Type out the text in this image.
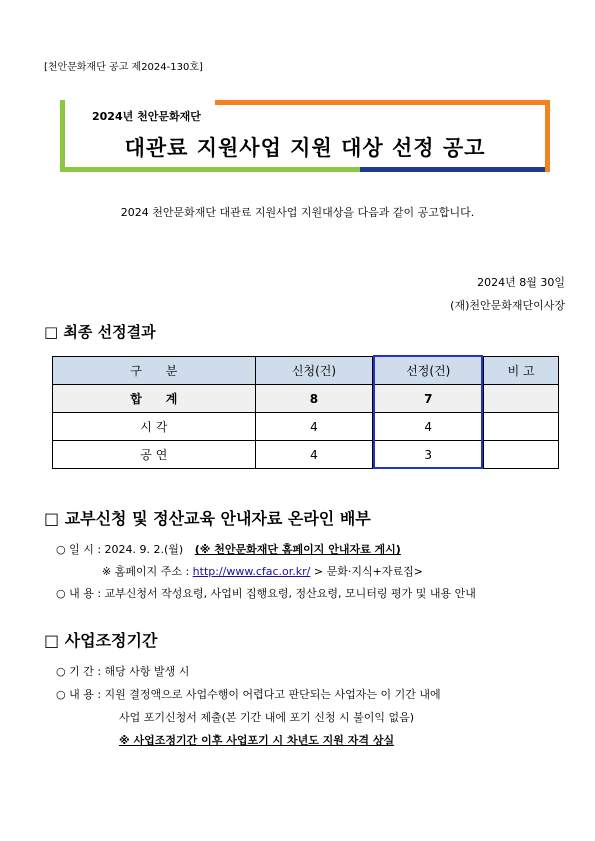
[천안문화재단 공고 제2024-130호]
2024년 천안문화재단
대관료 지원사업 지원 대상 선정 공고
2024 천안문화재단 대관료 지원사업 지원대상을 다음과 같이 공고합니다.
2024년 8월 30일
(재)천안문화재단이사장
□ 최종 선정결과
구　　분	신청(건)	선정(건)	비 고
합　　계	8	7	
시 각	4	4	
공 연	4	3	
□ 교부신청 및 정산교육 안내자료 온라인 배부
○ 일 시 : 2024. 9. 2.(월) (※ 천안문화재단 홈페이지 안내자료 게시)
※ 홈페이지 주소 : http://www.cfac.or.kr/ > 문화·지식+자료집>
○ 내 용 : 교부신청서 작성요령, 사업비 집행요령, 정산요령, 모니터링 평가 및 내용 안내
□ 사업조정기간
○ 기 간 : 해당 사항 발생 시
○ 내 용 : 지원 결정액으로 사업수행이 어렵다고 판단되는 사업자는 이 기간 내에
사업 포기신청서 제출(본 기간 내에 포기 신청 시 불이익 없음)
※ 사업조정기간 이후 사업포기 시 차년도 지원 자격 상실
